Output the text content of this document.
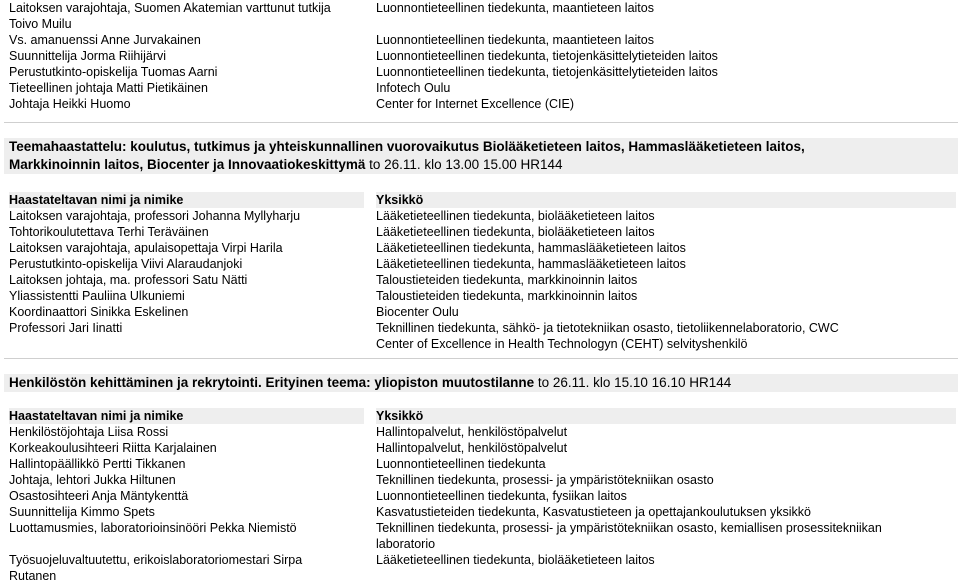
Laitoksen varajohtaja, Suomen Akatemian varttunut tutkija
Toivo Muilu
Vs. amanuenssi Anne Jurvakainen
Suunnittelija Jorma Riihijärvi
Perustutkinto-opiskelija Tuomas Aarni
Tieteellinen johtaja Matti Pietikäinen
Johtaja Heikki Huomo
Luonnontieteellinen tiedekunta, maantieteen laitos
Luonnontieteellinen tiedekunta, maantieteen laitos
Luonnontieteellinen tiedekunta, tietojenkäsittelytieteiden laitos
Luonnontieteellinen tiedekunta, tietojenkäsittelytieteiden laitos
Infotech Oulu
Center for Internet Excellence (CIE)
Teemahaastattelu: koulutus, tutkimus ja yhteiskunnallinen vuorovaikutus Biolääketieteen laitos, Hammaslääketieteen laitos,
Markkinoinnin laitos, Biocenter ja Innovaatiokeskittymä to 26.11. klo 13.00 15.00 HR144
Haastateltavan nimi ja nimike
Laitoksen varajohtaja, professori Johanna Myllyharju
Tohtorikoulutettava Terhi Teräväinen
Laitoksen varajohtaja, apulaisopettaja Virpi Harila
Perustutkinto-opiskelija Viivi Alaraudanjoki
Laitoksen johtaja, ma. professori Satu Nätti
Yliassistentti Pauliina Ulkuniemi
Koordinaattori Sinikka Eskelinen
Professori Jari Iinatti
Yksikkö
Lääketieteellinen tiedekunta, biolääketieteen laitos
Lääketieteellinen tiedekunta, biolääketieteen laitos
Lääketieteellinen tiedekunta, hammaslääketieteen laitos
Lääketieteellinen tiedekunta, hammaslääketieteen laitos
Taloustieteiden tiedekunta, markkinoinnin laitos
Taloustieteiden tiedekunta, markkinoinnin laitos
Biocenter Oulu
Teknillinen tiedekunta, sähkö- ja tietotekniikan osasto, tietoliikennelaboratorio, CWC
Center of Excellence in Health Technologyn (CEHT) selvityshenkilö
Henkilöstön kehittäminen ja rekrytointi. Erityinen teema: yliopiston muutostilanne to 26.11. klo 15.10 16.10 HR144
Haastateltavan nimi ja nimike
Henkilöstöjohtaja Liisa Rossi
Korkeakoulusihteeri Riitta Karjalainen
Hallintopäällikkö Pertti Tikkanen
Johtaja, lehtori Jukka Hiltunen
Osastosihteeri Anja Mäntykenttä
Suunnittelija Kimmo Spets
Luottamusmies, laboratorioinsinööri Pekka Niemistö
Työsuojeluvaltuutettu, erikoislaboratoriomestari Sirpa
Rutanen
Yksikkö
Hallintopalvelut, henkilöstöpalvelut
Hallintopalvelut, henkilöstöpalvelut
Luonnontieteellinen tiedekunta
Teknillinen tiedekunta, prosessi- ja ympäristötekniikan osasto
Luonnontieteellinen tiedekunta, fysiikan laitos
Kasvatustieteiden tiedekunta, Kasvatustieteen ja opettajankoulutuksen yksikkö
Teknillinen tiedekunta, prosessi- ja ympäristötekniikan osasto, kemiallisen prosessitekniikan
laboratorio
Lääketieteellinen tiedekunta, biolääketieteen laitos
